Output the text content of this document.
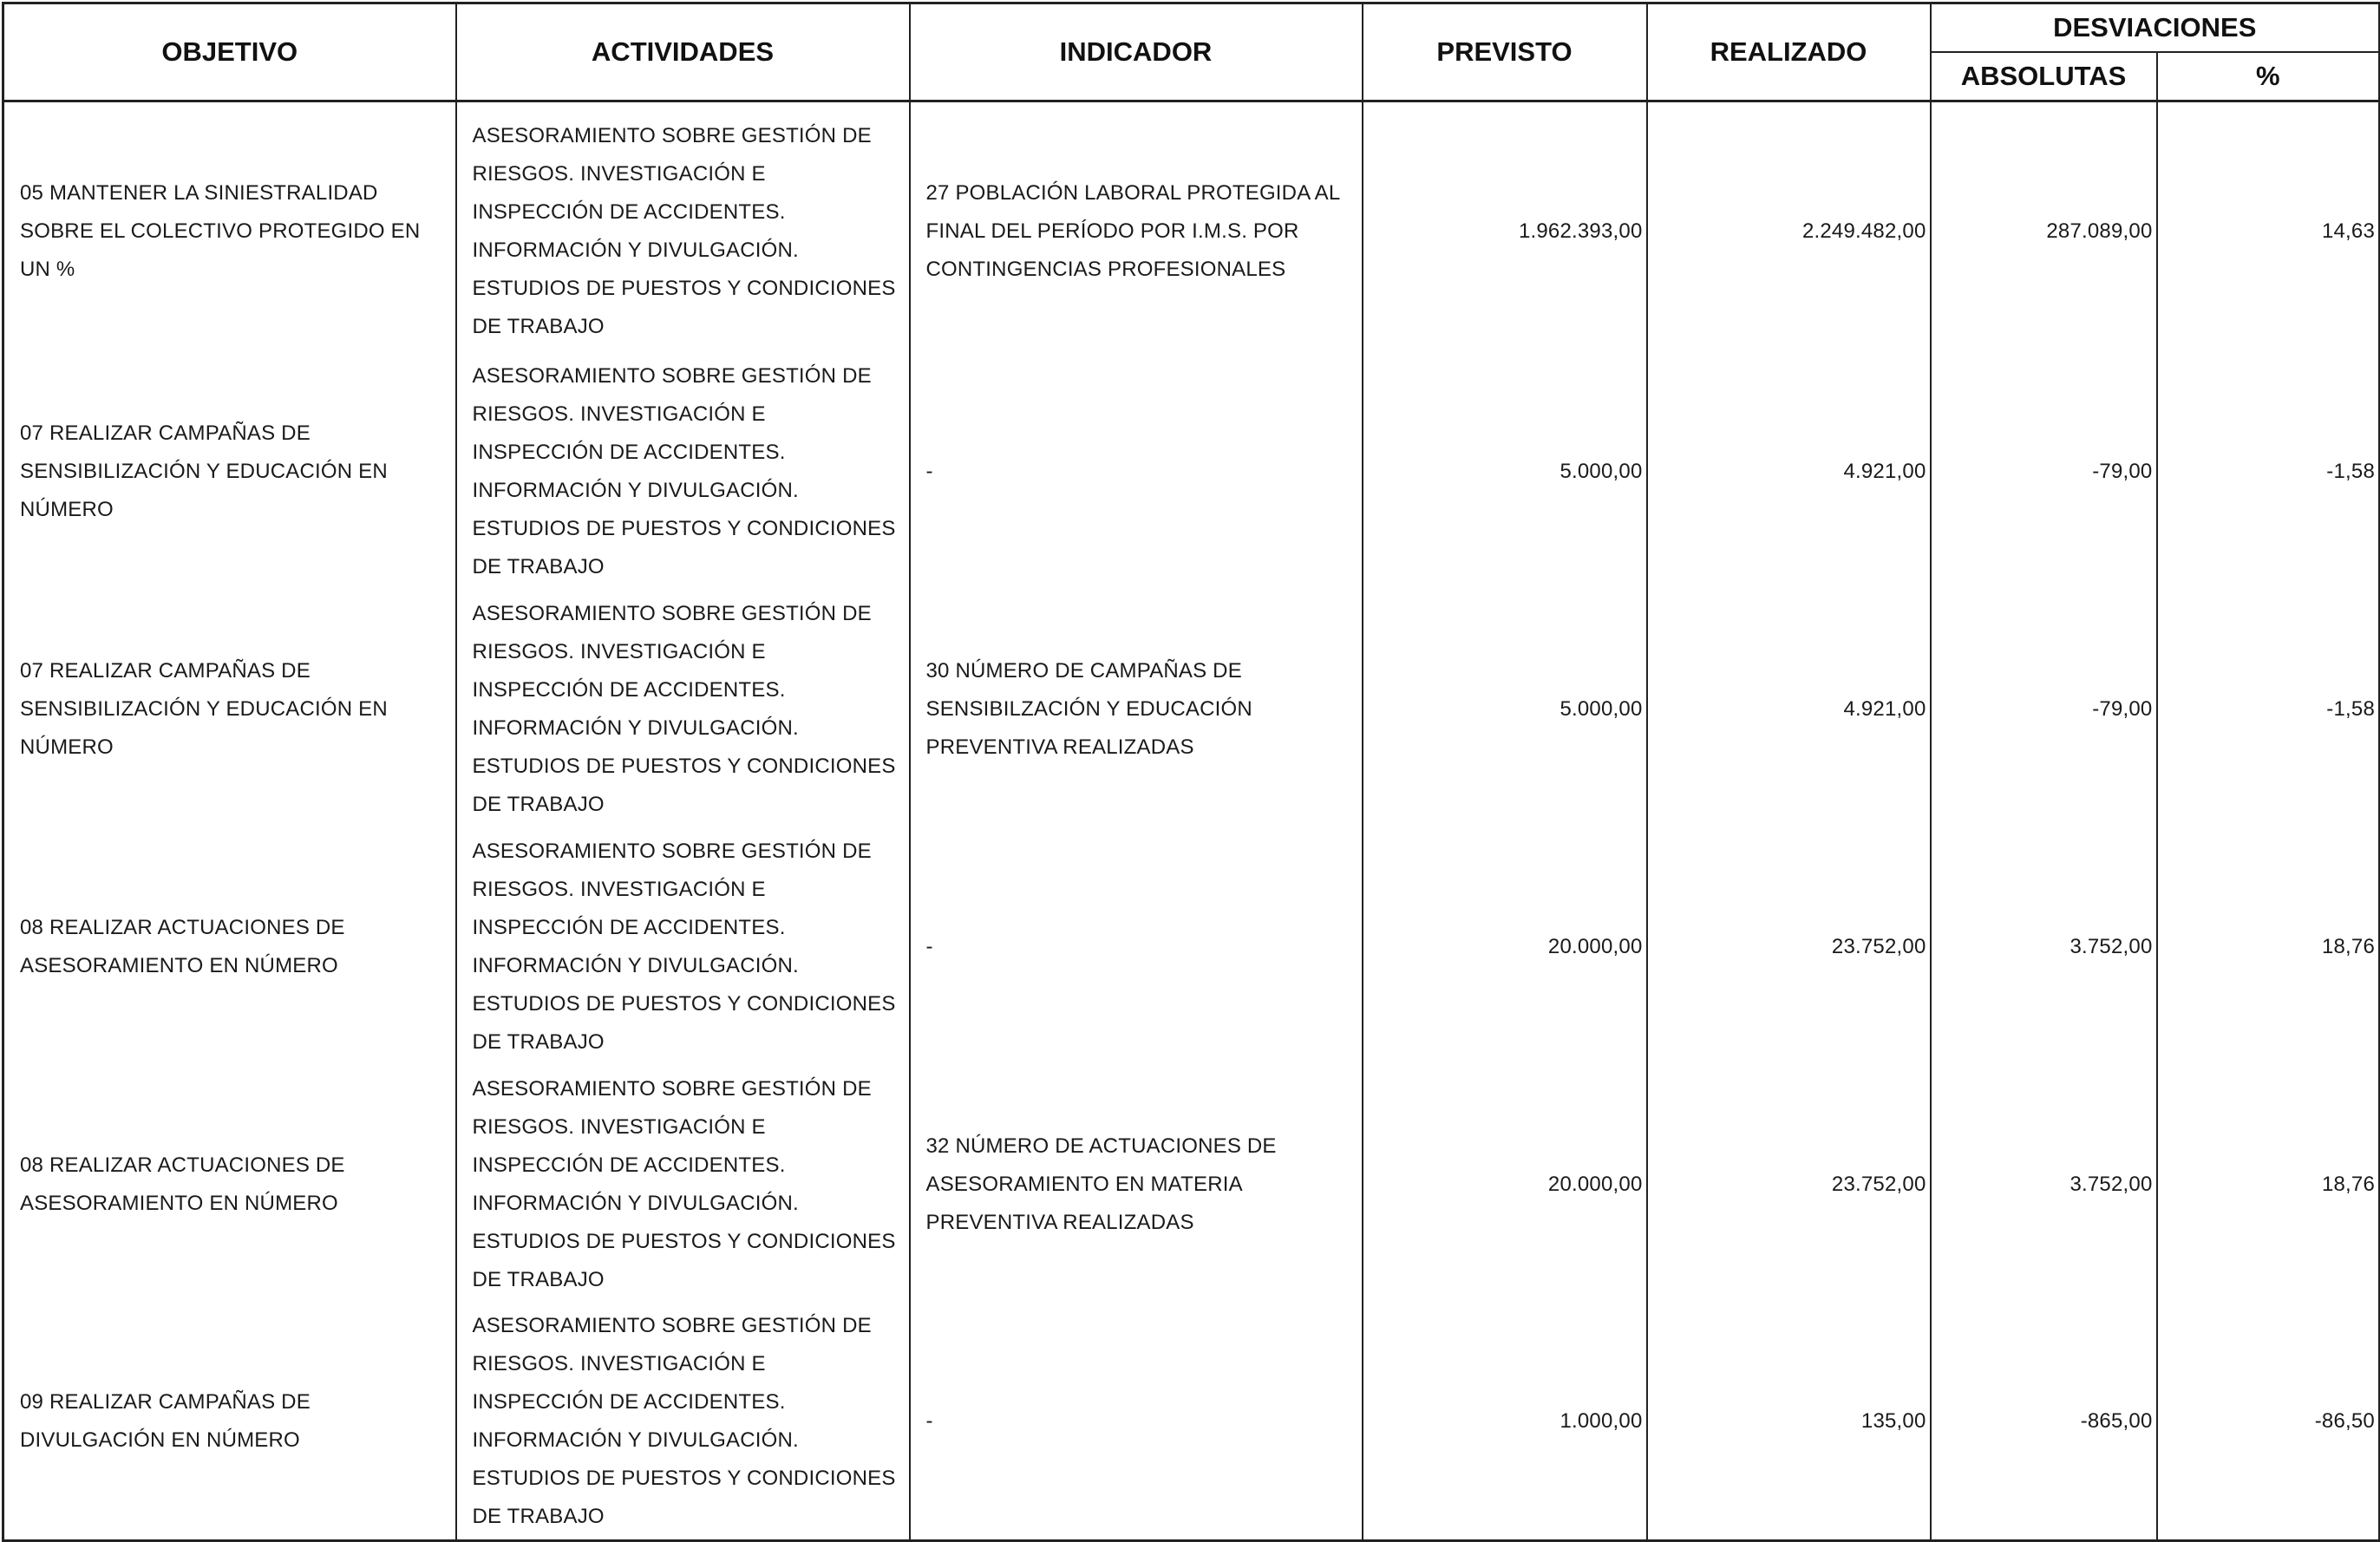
OBJETIVO	ACTIVIDADES	INDICADOR	PREVISTO	REALIZADO	DESVIACIONES	
					ABSOLUTAS	%
05 MANTENER LA SINIESTRALIDAD SOBRE EL COLECTIVO PROTEGIDO EN UN %	ASESORAMIENTO SOBRE GESTIÓN DE RIESGOS. INVESTIGACIÓN E INSPECCIÓN DE ACCIDENTES. INFORMACIÓN Y DIVULGACIÓN. ESTUDIOS DE PUESTOS Y CONDICIONES DE TRABAJO	27 POBLACIÓN LABORAL PROTEGIDA AL FINAL DEL PERÍODO POR I.M.S. POR CONTINGENCIAS PROFESIONALES	1.962.393,00	2.249.482,00	287.089,00	14,63
07 REALIZAR CAMPAÑAS DE SENSIBILIZACIÓN Y EDUCACIÓN EN NÚMERO	ASESORAMIENTO SOBRE GESTIÓN DE RIESGOS. INVESTIGACIÓN E INSPECCIÓN DE ACCIDENTES. INFORMACIÓN Y DIVULGACIÓN. ESTUDIOS DE PUESTOS Y CONDICIONES DE TRABAJO	-	5.000,00	4.921,00	-79,00	-1,58
07 REALIZAR CAMPAÑAS DE SENSIBILIZACIÓN Y EDUCACIÓN EN NÚMERO	ASESORAMIENTO SOBRE GESTIÓN DE RIESGOS. INVESTIGACIÓN E INSPECCIÓN DE ACCIDENTES. INFORMACIÓN Y DIVULGACIÓN. ESTUDIOS DE PUESTOS Y CONDICIONES DE TRABAJO	30 NÚMERO DE CAMPAÑAS DE SENSIBILZACIÓN Y EDUCACIÓN PREVENTIVA REALIZADAS	5.000,00	4.921,00	-79,00	-1,58
08 REALIZAR ACTUACIONES DE ASESORAMIENTO EN NÚMERO	ASESORAMIENTO SOBRE GESTIÓN DE RIESGOS. INVESTIGACIÓN E INSPECCIÓN DE ACCIDENTES. INFORMACIÓN Y DIVULGACIÓN. ESTUDIOS DE PUESTOS Y CONDICIONES DE TRABAJO	-	20.000,00	23.752,00	3.752,00	18,76
08 REALIZAR ACTUACIONES DE ASESORAMIENTO EN NÚMERO	ASESORAMIENTO SOBRE GESTIÓN DE RIESGOS. INVESTIGACIÓN E INSPECCIÓN DE ACCIDENTES. INFORMACIÓN Y DIVULGACIÓN. ESTUDIOS DE PUESTOS Y CONDICIONES DE TRABAJO	32 NÚMERO DE ACTUACIONES DE ASESORAMIENTO EN MATERIA PREVENTIVA REALIZADAS	20.000,00	23.752,00	3.752,00	18,76
09 REALIZAR CAMPAÑAS DE DIVULGACIÓN EN NÚMERO	ASESORAMIENTO SOBRE GESTIÓN DE RIESGOS. INVESTIGACIÓN E INSPECCIÓN DE ACCIDENTES. INFORMACIÓN Y DIVULGACIÓN. ESTUDIOS DE PUESTOS Y CONDICIONES DE TRABAJO	-	1.000,00	135,00	-865,00	-86,50
